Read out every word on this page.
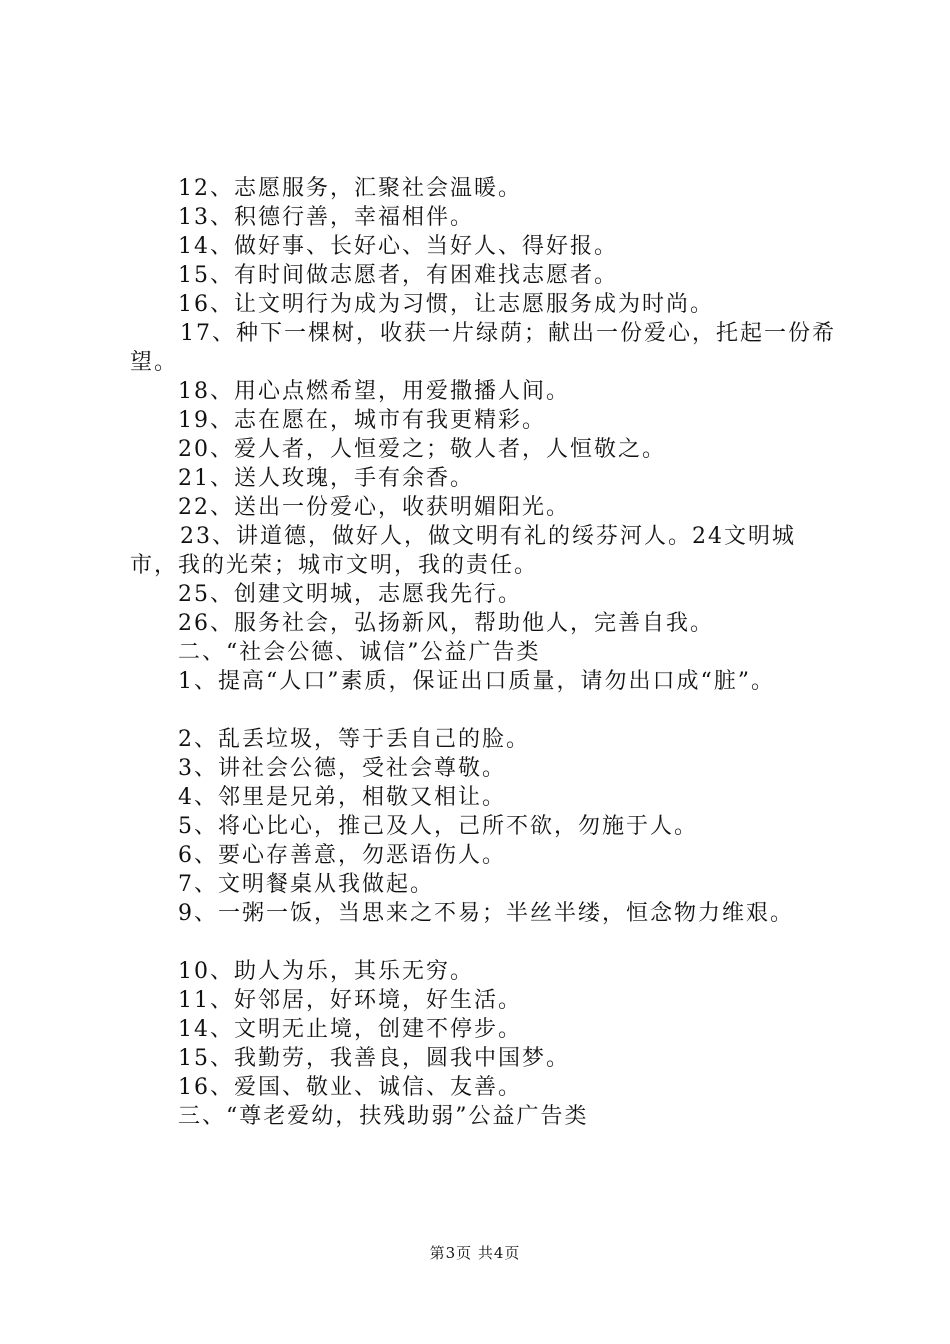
12、志愿服务，汇聚社会温暖。
13、积德行善，幸福相伴。
14、做好事、长好心、当好人、得好报。
15、有时间做志愿者，有困难找志愿者。
16、让文明行为成为习惯，让志愿服务成为时尚。
17、种下一棵树，收获一片绿荫；献出一份爱心，托起一份希望。
18、用心点燃希望，用爱撒播人间。
19、志在愿在，城市有我更精彩。
20、爱人者，人恒爱之；敬人者，人恒敬之。
21、送人玫瑰，手有余香。
22、送出一份爱心，收获明媚阳光。
23、讲道德，做好人，做文明有礼的绥芬河人。24文明城市，我的光荣；城市文明，我的责任。
25、创建文明城，志愿我先行。
26、服务社会，弘扬新风，帮助他人，完善自我。
二、“社会公德、诚信”公益广告类
1、提高“人口”素质，保证出口质量，请勿出口成“脏”。
2、乱丢垃圾，等于丢自己的脸。
3、讲社会公德，受社会尊敬。
4、邻里是兄弟，相敬又相让。
5、将心比心，推己及人，己所不欲，勿施于人。
6、要心存善意，勿恶语伤人。
7、文明餐桌从我做起。
9、一粥一饭，当思来之不易；半丝半缕，恒念物力维艰。
10、助人为乐，其乐无穷。
11、好邻居，好环境，好生活。
14、文明无止境，创建不停步。
15、我勤劳，我善良，圆我中国梦。
16、爱国、敬业、诚信、友善。
三、“尊老爱幼，扶残助弱”公益广告类
第3页 共4页
